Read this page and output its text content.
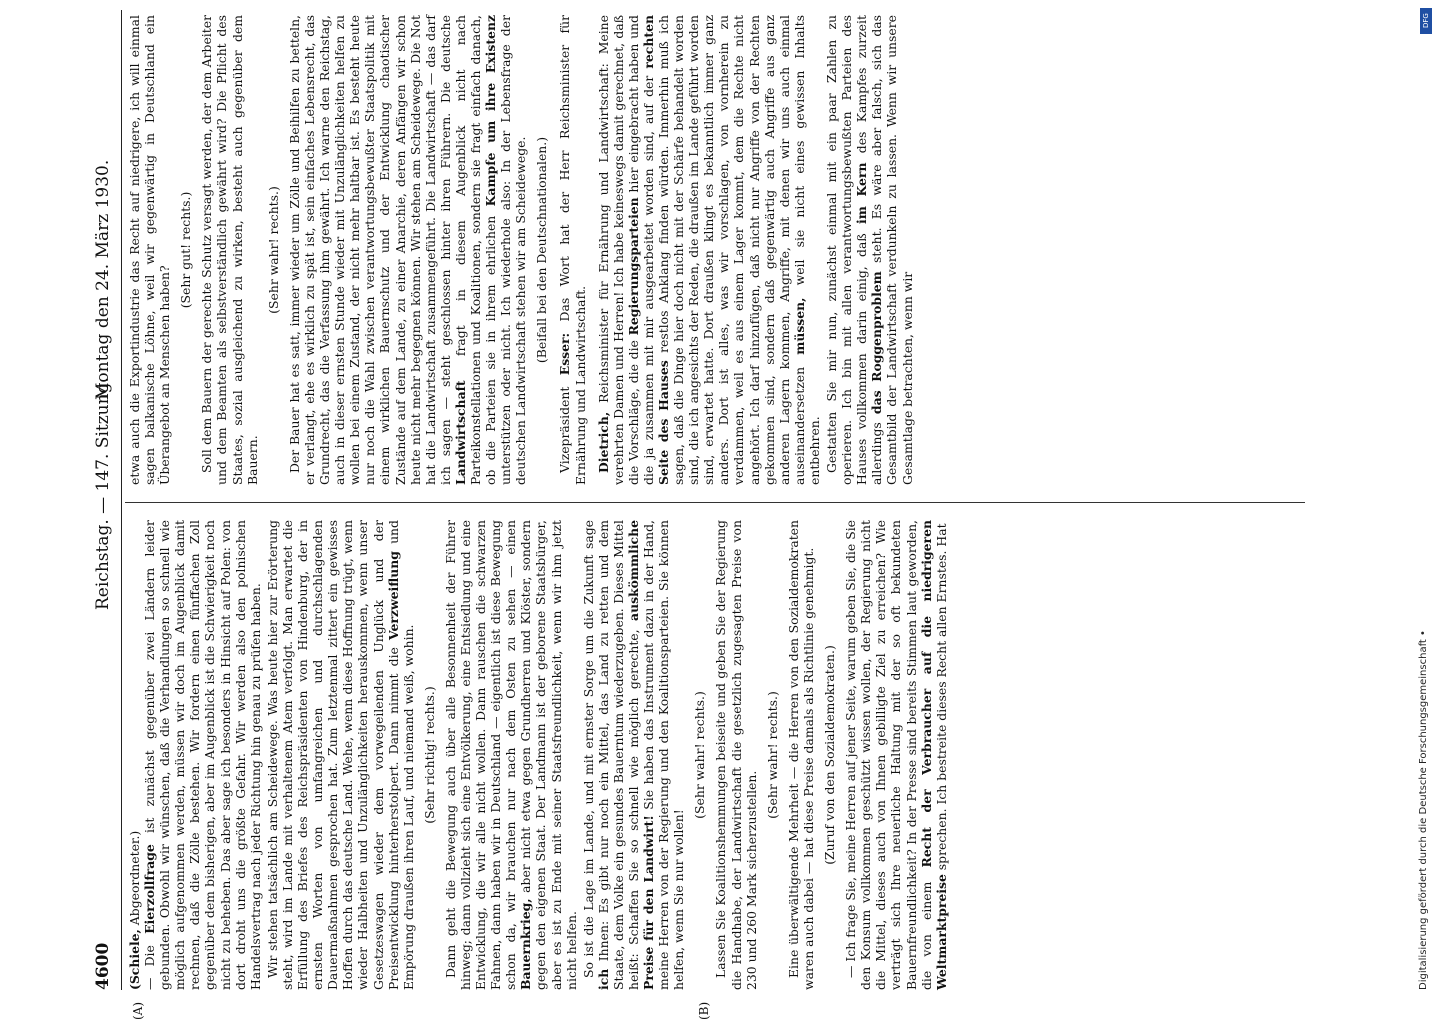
4600
Reichstag. — 147. Sitzung.
Montag den 24. März 1930.
(A)	(B)

(Schiele, Abgeordneter.)
— Die Eierzollfrage ist zunächst gegenüber zwei Ländern leider gebunden. Obwohl wir wünschen, daß die Verhandlungen so schnell wie möglich aufgenommen werden, müssen wir doch im Augenblick damit rechnen, daß die Zölle bestehen. Wir fordern einen fünffachen Zoll gegenüber dem bisherigen, aber im Augenblick ist die Schwierigkeit noch nicht zu beheben. Das aber sage ich besonders in Hinsicht auf Polen: von dort droht uns die größte Gefahr. Wir werden also den polnischen Handelsvertrag nach jeder Richtung hin genau zu prüfen haben. Wir stehen tatsächlich am Scheidewege. Was heute hier zur Erörterung steht, wird im Lande mit verhaltenem Atem verfolgt. Man erwartet die Erfüllung des Briefes des Reichspräsidenten von Hindenburg, der in ernsten Worten von umfangreichen und durchschlagenden Dauermaßnahmen gesprochen hat. Zum letztenmal zittert ein gewisses Hoffen durch das deutsche Land. Wehe, wenn diese Hoffnung trügt, wenn wieder Halbheiten und Unzulänglichkeiten herauskommen, wenn unser Gesetzeswagen wieder dem vorwegeilenden Unglück und der Preisentwicklung hinterherstolpert. Dann nimmt die Verzweiflung und Empörung draußen ihren Lauf, und niemand weiß, wohin. (Sehr richtig! rechts.) Dann geht die Bewegung auch über alle Besonnenheit der Führer hinweg; dann vollzieht sich eine Entvölkerung, eine Entsiedlung und eine Entwicklung, die wir alle nicht wollen. Dann rauschen die schwarzen Fahnen, dann haben wir in Deutschland — eigentlich ist diese Bewegung schon da, wir brauchen nur nach dem Osten zu sehen — einen Bauernkrieg, aber nicht etwa gegen Grundherren und Klöster, sondern gegen den eigenen Staat. Der Landmann ist der geborene Staatsbürger, aber es ist zu Ende mit seiner Staatsfreundlichkeit, wenn wir ihm jetzt nicht helfen. So ist die Lage im Lande, und mit ernster Sorge um die Zukunft sage ich Ihnen: Es gibt nur noch ein Mittel, das Land zu retten und dem Staate, dem Volke ein gesundes Bauerntum wiederzugeben. Dieses Mittel heißt: Schaffen Sie so schnell wie möglich gerechte, auskömmliche Preise für den Landwirt! Sie haben das Instrument dazu in der Hand, meine Herren von der Regierung und den Koalitionsparteien. Sie können helfen, wenn Sie nur wollen!

(Sehr wahr! rechts.) Lassen Sie Koalitionshemmungen beiseite und geben Sie der Regierung die Handhabe, der Landwirtschaft die gesetzlich zugesagten Preise von 230 und 260 Mark sicherzustellen.

(Sehr wahr! rechts.) Eine überwältigende Mehrheit — die Herren von den Sozialdemokraten waren auch dabei — hat diese Preise damals als Richtlinie genehmigt. (Zuruf von den Sozialdemokraten.) — Ich frage Sie, meine Herren auf jener Seite, warum geben Sie, die Sie den Konsum vollkommen geschützt wissen wollen, der Regierung nicht die Mittel, dieses auch von Ihnen gebilligte Ziel zu erreichen? Wie verträgt sich Ihre neuerliche Haltung mit der so oft bekundeten Bauernfreundlichkeit? In der Presse sind bereits Stimmen laut geworden, die von einem Recht der Verbraucher auf die niedrigeren Weltmarktpreise sprechen. Ich bestreite dieses Recht allen Ernstes. Hat

etwa auch die Exportindustrie das Recht auf niedrigere, ich will einmal sagen balkanische Löhne, weil wir gegenwärtig in Deutschland ein Überangebot an Menschen haben?

(Sehr gut! rechts.) Soll dem Bauern der gerechte Schutz versagt werden, der dem Arbeiter und dem Beamten als selbstverständlich gewährt wird? Die Pflicht des Staates, sozial ausgleichend zu wirken, besteht auch gegenüber dem Bauern.

(Sehr wahr! rechts.) Der Bauer hat es satt, immer wieder um Zölle und Beihilfen zu betteln, er verlangt, ehe es wirklich zu spät ist, sein einfaches Lebensrecht, das Grundrecht, das die Verfassung ihm gewährt. Ich warne den Reichstag, auch in dieser ernsten Stunde wieder mit Unzulänglichkeiten helfen zu wollen bei einem Zustand, der nicht mehr haltbar ist. Es besteht heute nur noch die Wahl zwischen verantwortungsbewußter Staatspolitik mit einem wirklichen Bauernschutz und der Entwicklung chaotischer Zustände auf dem Lande, zu einer Anarchie, deren Anfängen wir schon heute nicht mehr begegnen können. Wir stehen am Scheidewege. Die Not hat die Landwirtschaft zusammengeführt. Die Landwirtschaft — das darf ich sagen — steht geschlossen hinter ihren Führern. Die deutsche Landwirtschaft fragt in diesem Augenblick nicht nach Parteikonstellationen und Koalitionen, sondern sie fragt einfach danach, ob die Parteien sie in ihrem ehrlichen Kampfe um ihre Existenz unterstützen oder nicht. Ich wiederhole also: In der Lebensfrage der deutschen Landwirtschaft stehen wir am Scheidewege. (Beifall bei den Deutschnationalen.)

Vizepräsident Esser: Das Wort hat der Herr Reichsminister für Ernährung und Landwirtschaft. Dietrich, Reichsminister für Ernährung und Landwirtschaft: Meine verehrten Damen und Herren! Ich habe keineswegs damit gerechnet, daß die Vorschläge, die die Regierungsparteien hier eingebracht haben und die ja zusammen mit mir ausgearbeitet worden sind, auf der rechten Seite des Hauses restlos Anklang finden würden. Immerhin muß ich sagen, daß die Dinge hier doch nicht mit der Schärfe behandelt worden sind, die ich angesichts der Reden, die draußen im Lande geführt worden sind, erwartet hatte. Dort draußen klingt es bekanntlich immer ganz anders. Dort ist alles, was wir vorschlagen, von vornherein zu verdammen, weil es aus einem Lager kommt, dem die Rechte nicht angehört. Ich darf hinzufügen, daß nicht nur Angriffe von der Rechten gekommen sind, sondern daß gegenwärtig auch Angriffe aus ganz anderen Lagern kommen, Angriffe, mit denen wir uns auch einmal auseinandersetzen müssen, weil sie nicht eines gewissen Inhalts entbehren. Gestatten Sie mir nun, zunächst einmal mit ein paar Zahlen zu operieren. Ich bin mit allen verantwortungsbewußten Parteien des Hauses vollkommen darin einig, daß im Kern des Kampfes zurzeit allerdings das Roggenproblem steht. Es wäre aber falsch, sich das Gesamtbild der Landwirtschaft verdunkeln zu lassen. Wenn wir unsere Gesamtlage betrachten, wenn wir

Digitalisierung gefördert durch die Deutsche Forschungsgemeinschaft •
DFG
